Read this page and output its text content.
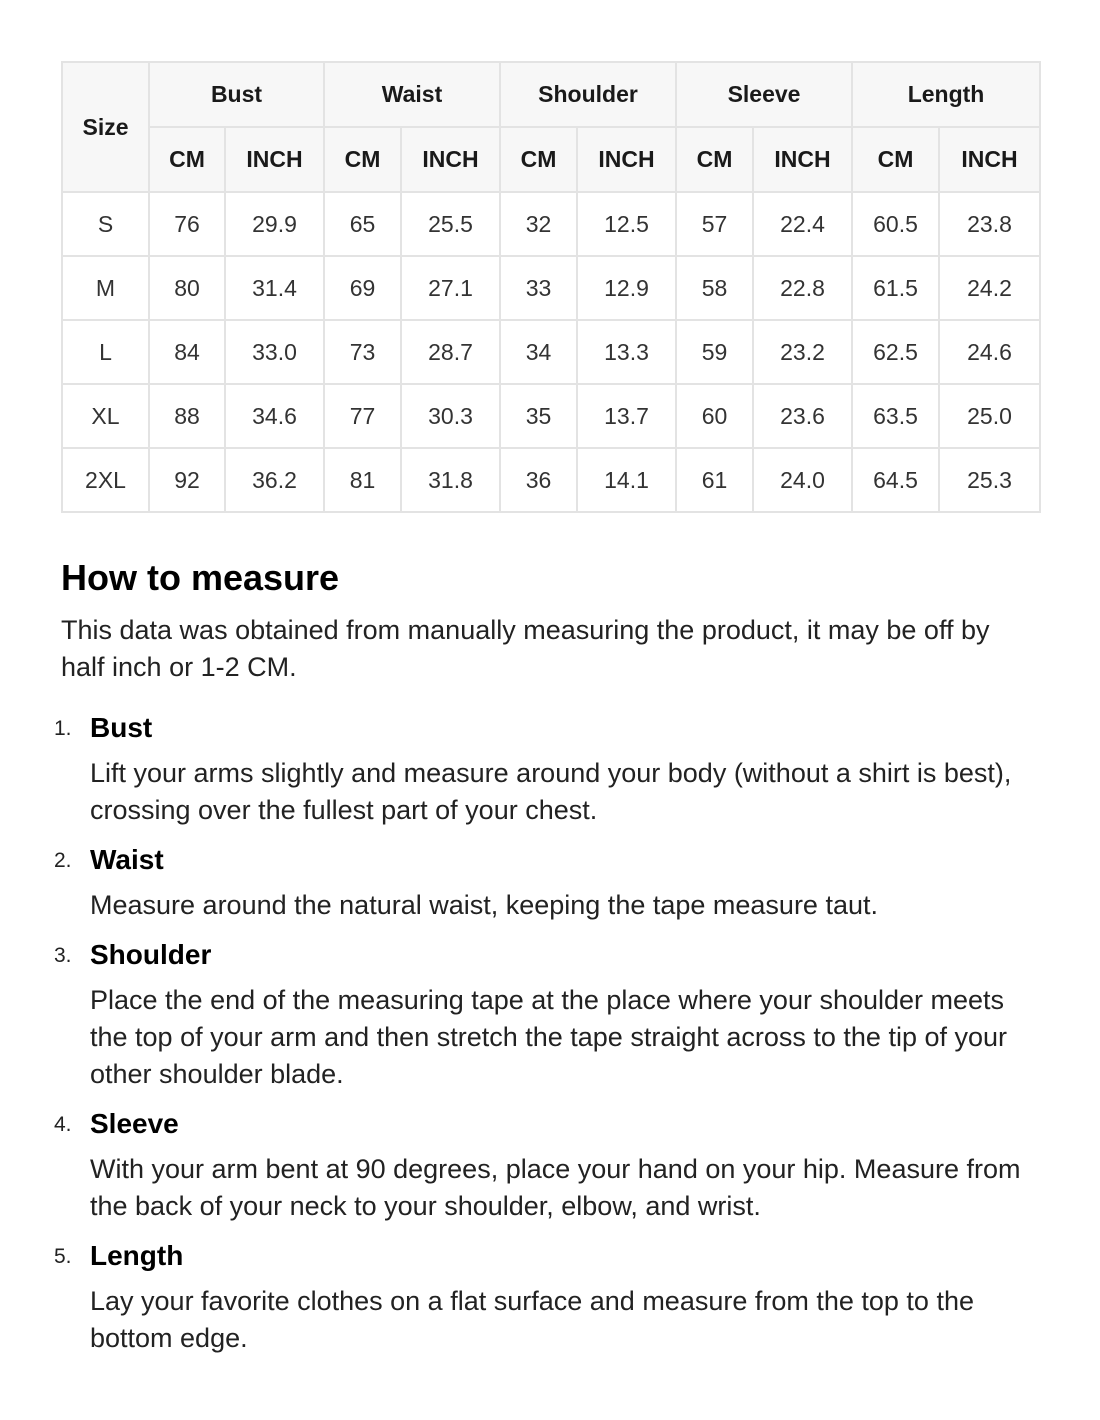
Size	Bust		Waist		Shoulder		Sleeve		Length	
	CM	INCH	CM	INCH	CM	INCH	CM	INCH	CM	INCH
S	76	29.9	65	25.5	32	12.5	57	22.4	60.5	23.8
M	80	31.4	69	27.1	33	12.9	58	22.8	61.5	24.2
L	84	33.0	73	28.7	34	13.3	59	23.2	62.5	24.6
XL	88	34.6	77	30.3	35	13.7	60	23.6	63.5	25.0
2XL	92	36.2	81	31.8	36	14.1	61	24.0	64.5	25.3
How to measure

This data was obtained from manually measuring the product, it may be off by half inch or 1-2 CM.

1. Bust
Lift your arms slightly and measure around your body (without a shirt is best), crossing over the fullest part of your chest.
2. Waist
Measure around the natural waist, keeping the tape measure taut.
3. Shoulder
Place the end of the measuring tape at the place where your shoulder meets the top of your arm and then stretch the tape straight across to the tip of your other shoulder blade.
4. Sleeve
With your arm bent at 90 degrees, place your hand on your hip. Measure from the back of your neck to your shoulder, elbow, and wrist.
5. Length
Lay your favorite clothes on a flat surface and measure from the top to the bottom edge.
